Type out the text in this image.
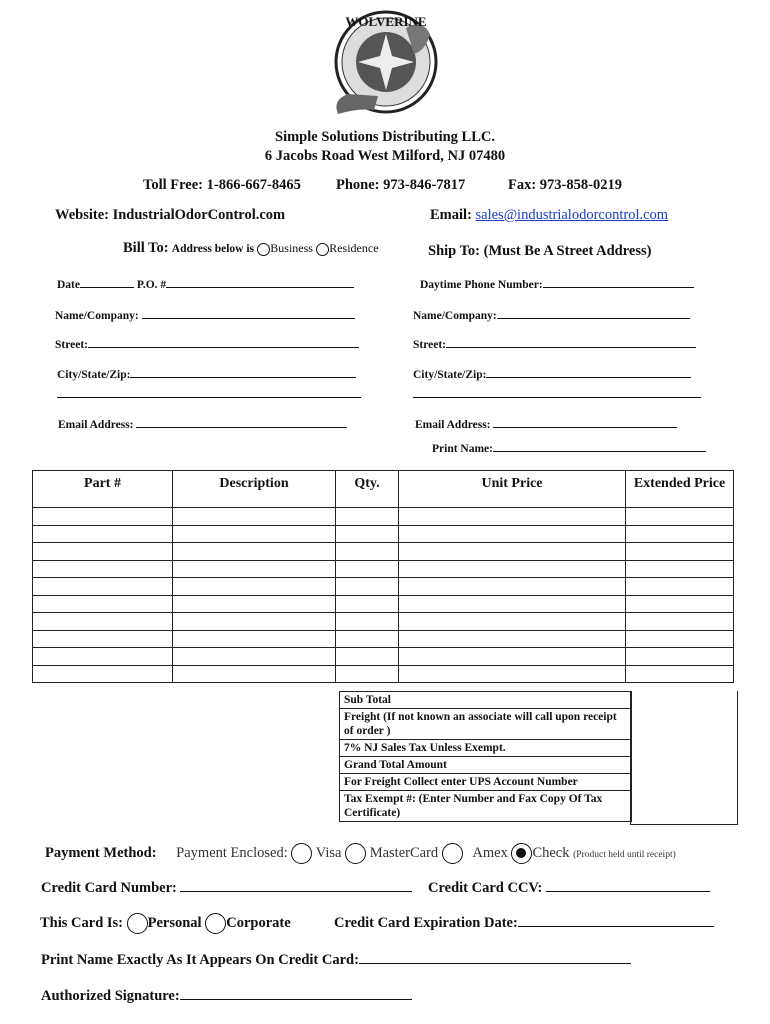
WOLVERINE
Simple Solutions Distributing LLC.
6 Jacobs Road West Milford, NJ 07480
Toll Free: 1-866-667-8465 Phone: 973-846-7817	Fax: 973-858-0219
Website: IndustrialOdorControl.com	Email: sales@industrialodorcontrol.com
Bill To: Address below is Business Residence	Ship To: (Must Be A Street Address)
Date	P.O. #
Name/Company:
Street:
City/State/Zip:
Email Address:
Daytime Phone Number:
Name/Company:
Street:
City/State/Zip:
Email Address:
Print Name:
Part #	Description	Qty.	Unit Price	Extended Price

Sub Total
Freight (If not known an associate will call upon receipt of order )
7% NJ Sales Tax Unless Exempt.
Grand Total Amount
For Freight Collect enter UPS Account Number
Tax Exempt #: (Enter Number and Fax Copy Of Tax Certificate)
Payment Method: Payment Enclosed: Visa MasterCard Amex Check (Product held until receipt)
Credit Card Number:	Credit Card CCV:
This Card Is: Personal Corporate	Credit Card Expiration Date:
Print Name Exactly As It Appears On Credit Card:
Authorized Signature:
